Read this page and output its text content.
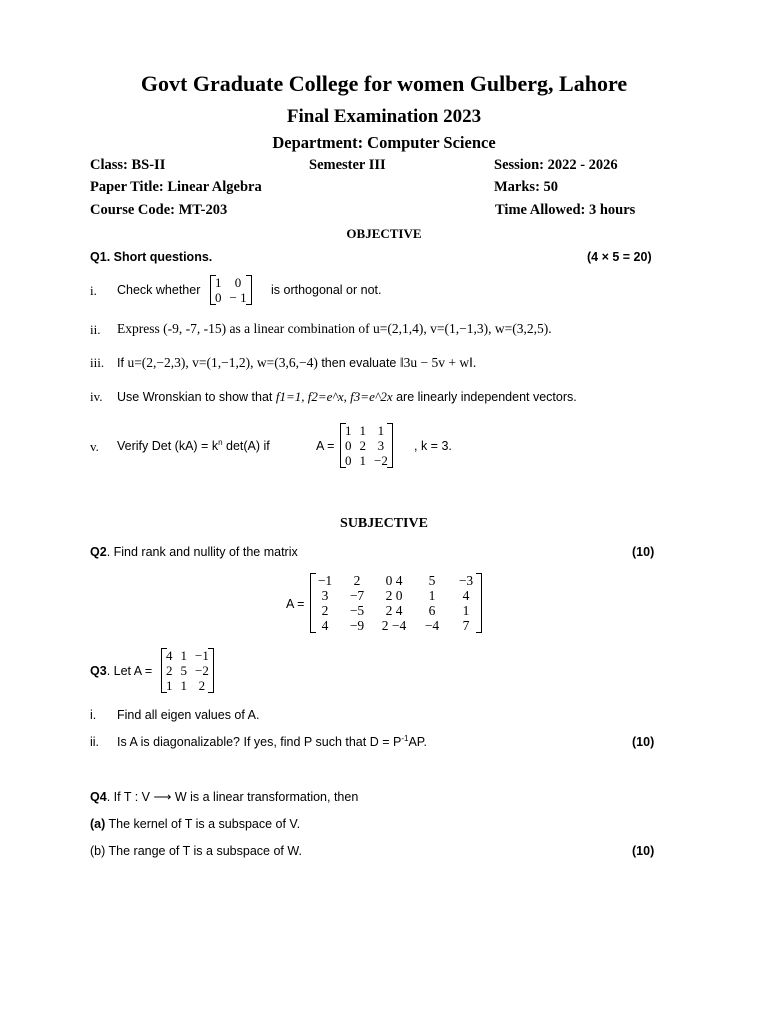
Govt Graduate College for women Gulberg, Lahore
Final Examination 2023
Department: Computer Science
Class: BS-II	Semester III	Session: 2022 - 2026
Paper Title: Linear Algebra	Marks: 50
Course Code: MT-203	Time Allowed: 3 hours
OBJECTIVE
Q1. Short questions.	(4 × 5 = 20)
i. Check whether 1	0
0	− 1 is orthogonal or not.
ii. Express (-9, -7, -15) as a linear combination of u=(2,1,4), v=(1,−1,3), w=(3,2,5).
iii. If u=(2,−2,3), v=(1,−1,2), w=(3,6,−4) then evaluate ‖3u − 5v + w‖.
iv. Use Wronskian to show that f1=1, f2=e^x, f3=e^2x are linearly independent vectors.
v. Verify Det $(kA) = k^n$ det(A) if	A =
1	1	1
0	2	3
0	1	−2
, k = 3.
SUBJECTIVE
Q2. Find rank and nullity of the matrix	(10)
A =
−1	2	0 4	5	−3
3	−7	2 0	1	4
2	−5	2 4	6	1
4	−9	2 −4	−4	7
Q3. Let A =
4	1	−1
2	5	−2
1	1	2
i. Find all eigen values of A.
ii. Is A is diagonalizable? If yes, find P such that $D = P^{-1}AP$.	(10)
Q4. If T : V ⟶ W is a linear transformation, then
(a) The kernel of T is a subspace of V.
(b) The range of T is a subspace of W.	(10)
